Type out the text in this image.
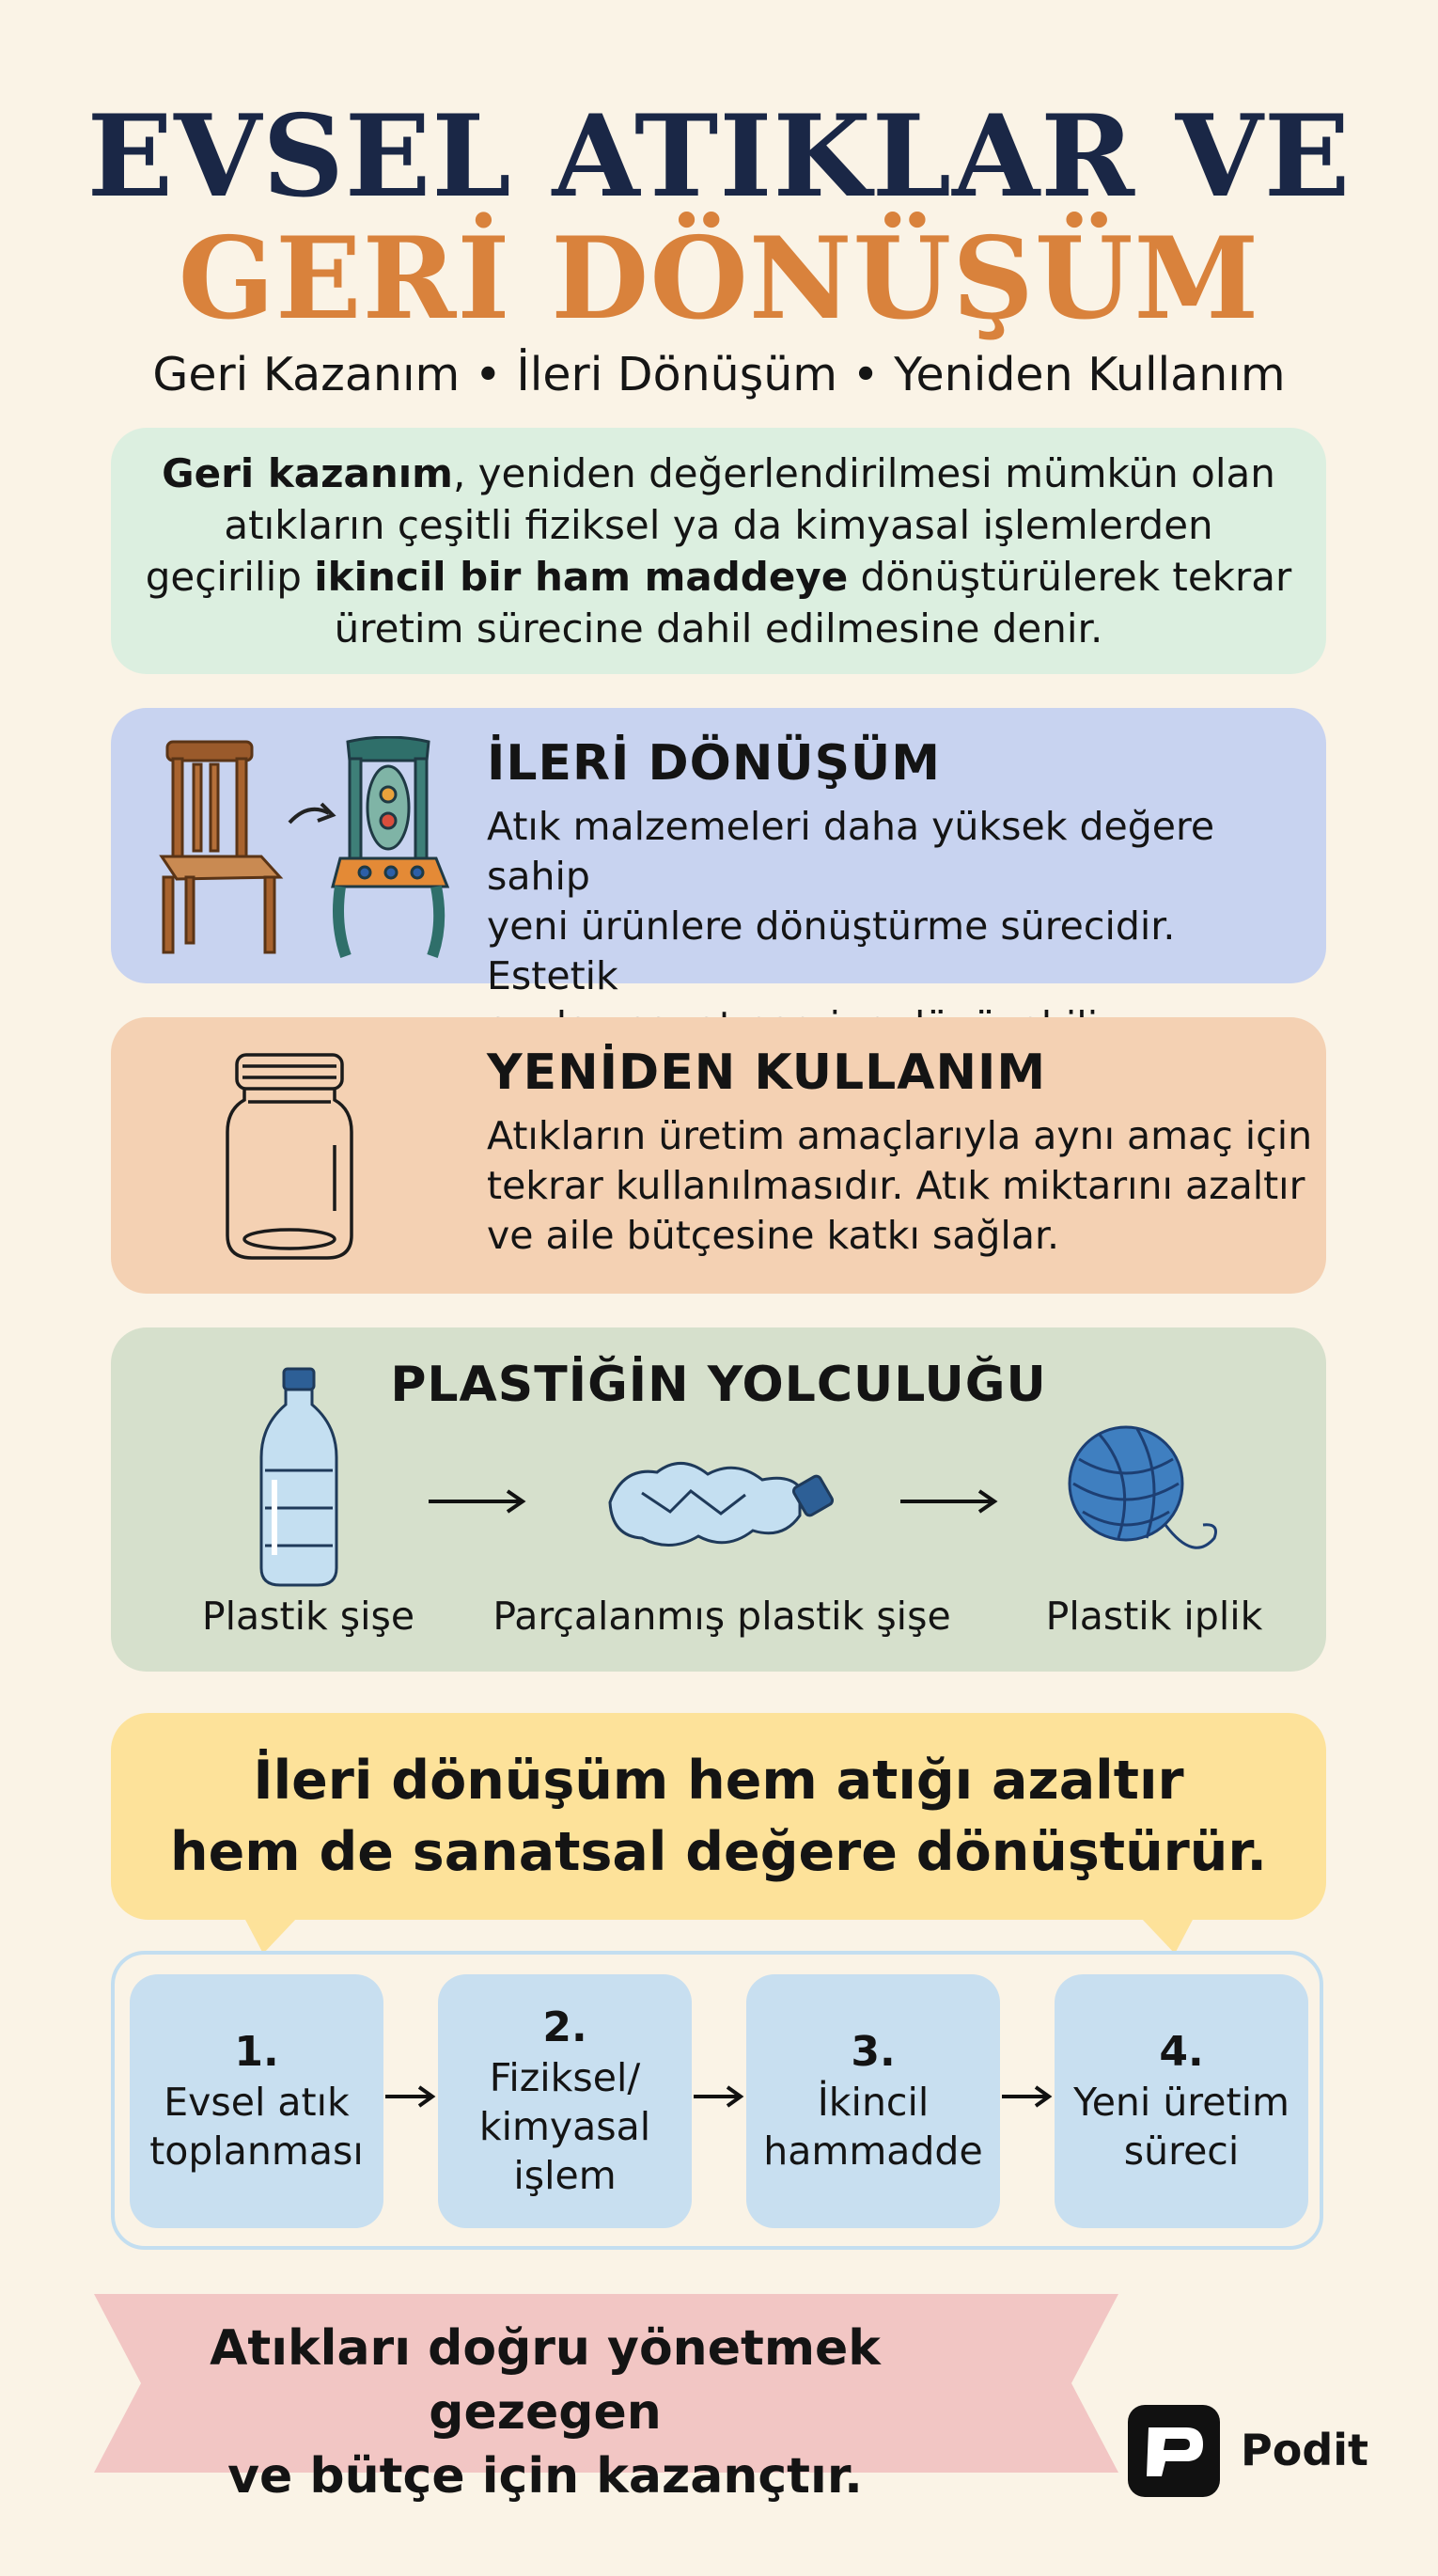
EVSEL ATIKLAR VE
GERİ DÖNÜŞÜM
Geri Kazanım • İleri Dönüşüm • Yeniden Kullanım

Geri kazanım, yeniden değerlendirilmesi mümkün olan atıkların çeşitli fiziksel ya da kimyasal işlemlerden geçirilip ikincil bir ham maddeye dönüştürülerek tekrar üretim sürecine dahil edilmesine denir.

İLERİ DÖNÜŞÜM
Atık malzemeleri daha yüksek değere sahip
yeni ürünlere dönüştürme sürecidir. Estetik
YENİDEN KULLANIM
Atıkların üretim amaçlarıyla aynı amaç için
tekrar kullanılmasıdır. Atık miktarını azaltır
ve aile bütçesine katkı sağlar.
PLASTİĞİN YOLCULUĞU
Plastik şişe	Parçalanmış plastik şişe	Plastik iplik
İleri dönüşüm hem atığı azaltır
hem de sanatsal değere dönüştürür.
1.
Evsel atık
toplanması
2.
Fiziksel/
kimyasal
işlem
3.
İkincil
hammadde
4.
Yeni üretim
süreci
Atıkları doğru yönetmek gezegen
ve bütçe için kazançtır.	Podit
